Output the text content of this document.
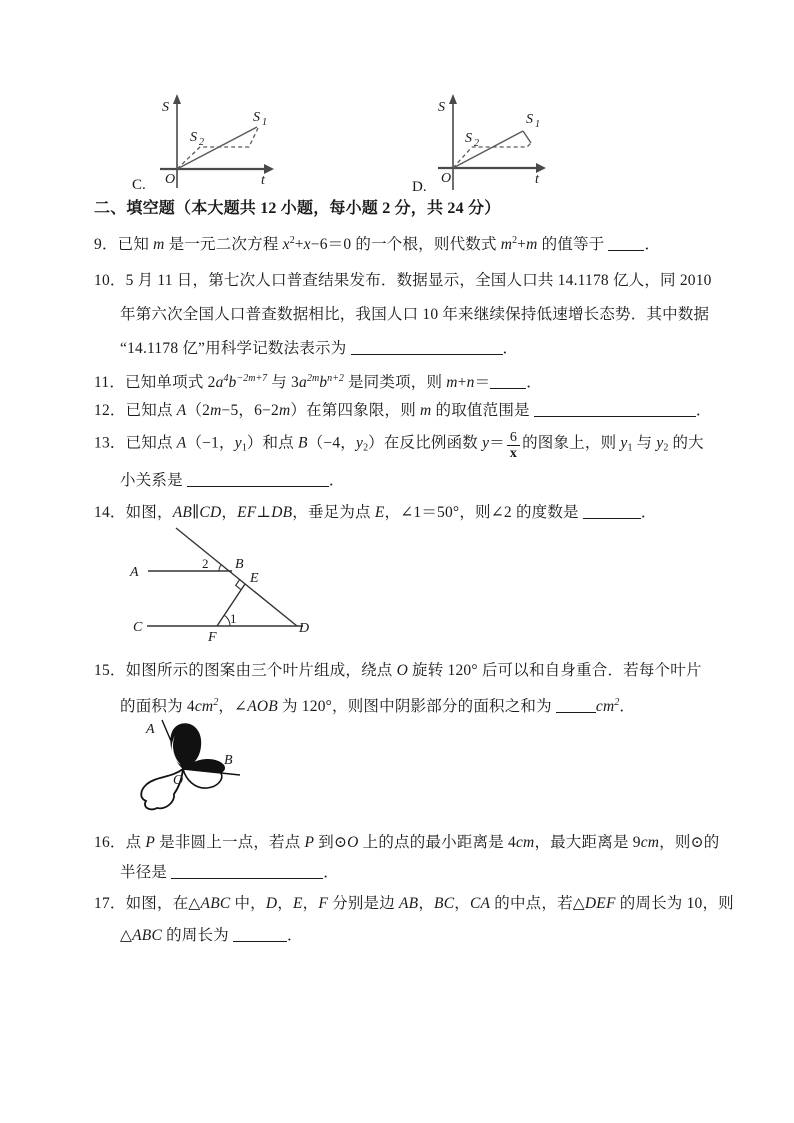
S
t
O
S 1
S 2
C.
S
t
O
S 1
S 2
D.
二、填空题（本大题共 12 小题，每小题 2 分，共 24 分）
9．已知 m 是一元二次方程 $x^2+x-6=0$ 的一个根，则代数式 $m^2+m$ 的值等于 ．
10．5 月 11 日，第七次人口普查结果发布．数据显示，全国人口共 14.1178 亿人，同 2010
年第六次全国人口普查数据相比，我国人口 10 年来继续保持低速增长态势．其中数据
“14.1178 亿”用科学记数法表示为	．
11．已知单项式 $2a^4b^{-2m+7}$ 与 $3a^{2m}b^{n+2}$ 是同类项，则 m+n＝ ．
12．已知点 A（2m−5，6−2m）在第四象限，则 m 的取值范围是	．
13．已知点 A（−1，$y_1$）和点 B（−4，$y_2$）在反比例函数 $y= \frac{6}{x}$ 的图象上，则 $y_1$ 与 $y_2$ 的大
小关系是	．
14．如图，AB∥CD，EF⊥DB，垂足为点 E，∠1＝50°，则∠2 的度数是	．
A
B
E
C
F
D
2
1
15．如图所示的图案由三个叶片组成，绕点 O 旋转 120° 后可以和自身重合．若每个叶片
的面积为 $4cm^2$，∠AOB 为 120°，则图中阴影部分的面积之和为	$cm^2$．
A
B
O
16．点 P 是非圆上一点，若点 P 到⊙O 上的点的最小距离是 4cm，最大距离是 9cm，则⊙的
半径是	．
17．如图，在△ABC 中，D，E，F 分别是边 AB，BC，CA 的中点，若△DEF 的周长为 10，则
△ABC 的周长为	．
